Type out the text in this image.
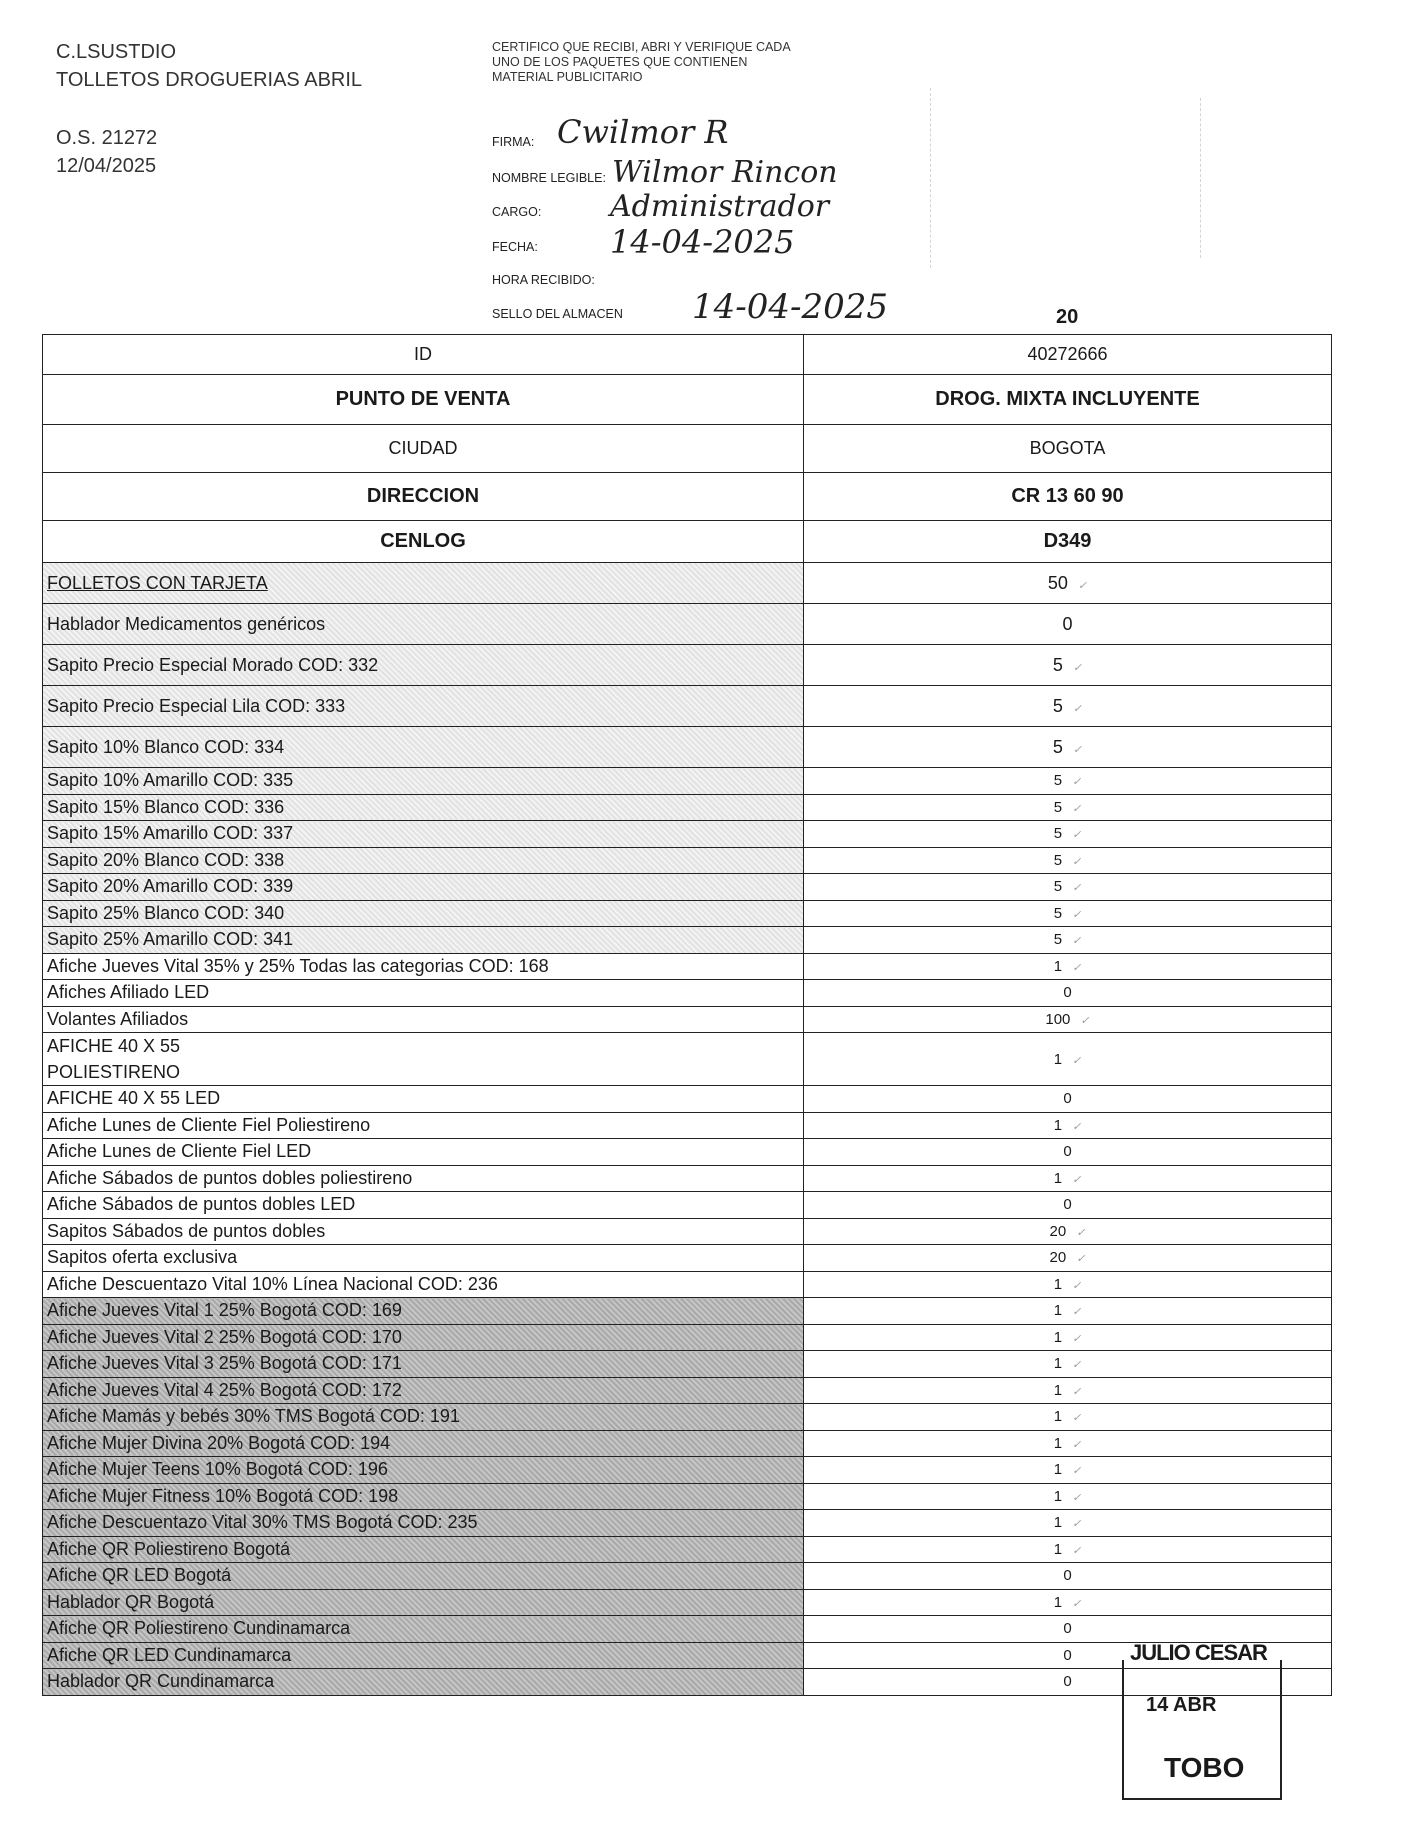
C.LSUSTDIO
TOLLETOS DROGUERIAS ABRIL
O.S. 21272
12/04/2025
CERTIFICO QUE RECIBI, ABRI Y VERIFIQUE CADA UNO DE LOS PAQUETES QUE CONTIENEN MATERIAL PUBLICITARIO
FIRMA: Cwilmor R
NOMBRE LEGIBLE: Wilmor Rincon
CARGO: Administrador
FECHA: 14-04-2025
HORA RECIBIDO:
SELLO DEL ALMACEN 14-04-2025	20
ID	40272666
PUNTO DE VENTA	DROG. MIXTA INCLUYENTE
CIUDAD	BOGOTA
DIRECCION	CR 13 60 90
CENLOG	D349
FOLLETOS CON TARJETA	50 ✓
Hablador Medicamentos genéricos	0
Sapito Precio Especial Morado COD: 332	5 ✓
Sapito Precio Especial Lila COD: 333	5 ✓
Sapito 10% Blanco COD: 334	5 ✓
Sapito 10% Amarillo COD: 335	5 ✓
Sapito 15% Blanco COD: 336	5 ✓
Sapito 15% Amarillo COD: 337	5 ✓
Sapito 20% Blanco COD: 338	5 ✓
Sapito 20% Amarillo COD: 339	5 ✓
Sapito 25% Blanco COD: 340	5 ✓
Sapito 25% Amarillo COD: 341	5 ✓
Afiche Jueves Vital 35% y 25% Todas las categorias COD: 168	1 ✓
Afiches Afiliado LED	0
Volantes Afiliados	100 ✓

AFICHE 40 X 55
POLIESTIRENO	1 ✓
AFICHE 40 X 55 LED	0
Afiche Lunes de Cliente Fiel Poliestireno	1 ✓
Afiche Lunes de Cliente Fiel LED	0
Afiche Sábados de puntos dobles poliestireno	1 ✓
Afiche Sábados de puntos dobles LED	0
Sapitos Sábados de puntos dobles	20 ✓
Sapitos oferta exclusiva	20 ✓
Afiche Descuentazo Vital 10% Línea Nacional COD: 236	1 ✓
Afiche Jueves Vital 1 25% Bogotá COD: 169	1 ✓
Afiche Jueves Vital 2 25% Bogotá COD: 170	1 ✓
Afiche Jueves Vital 3 25% Bogotá COD: 171	1 ✓
Afiche Jueves Vital 4 25% Bogotá COD: 172	1 ✓
Afiche Mamás y bebés 30% TMS Bogotá COD: 191	1 ✓
Afiche Mujer Divina 20% Bogotá COD: 194	1 ✓
Afiche Mujer Teens 10% Bogotá COD: 196	1 ✓
Afiche Mujer Fitness 10% Bogotá COD: 198	1 ✓
Afiche Descuentazo Vital 30% TMS Bogotá COD: 235	1 ✓
Afiche QR Poliestireno Bogotá	1 ✓
Afiche QR LED Bogotá	0
Hablador QR Bogotá	1 ✓
Afiche QR Poliestireno Cundinamarca	0
Afiche QR LED Cundinamarca	0
Hablador QR Cundinamarca	0
JULIO CESAR
14 ABR
TOBO
